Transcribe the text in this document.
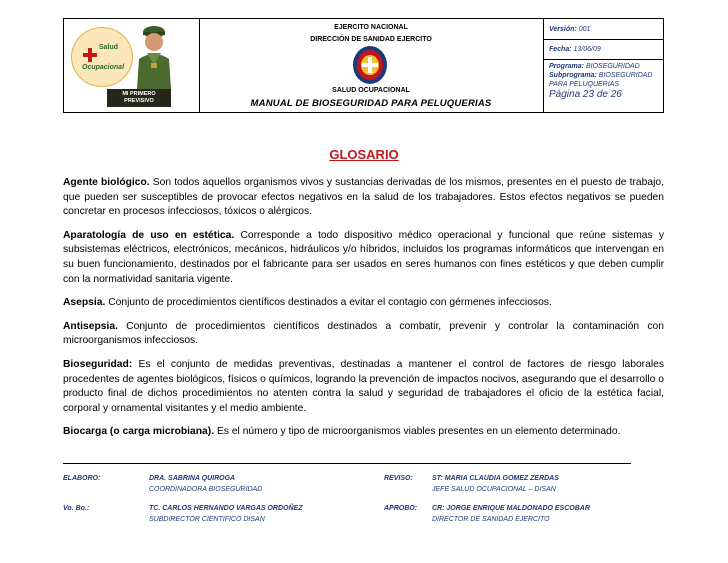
Salud
Ocupacional
MI PRIMERO PREVISIVO
EJERCITO NACIONAL
DIRECCIÓN DE SANIDAD EJERCITO
SALUD OCUPACIONAL
MANUAL DE BIOSEGURIDAD PARA PELUQUERIAS
Versión: 001
Fecha: 13/06/09
Programa: BIOSEGURIDAD
Subprograma: BIOSEGURIDAD PARA PELUQUERIAS
Página 23 de 26
GLOSARIO

Agente biológico. Son todos aquellos organismos vivos y sustancias derivadas de los mismos, presentes en el puesto de trabajo, que pueden ser susceptibles de provocar efectos negativos en la salud de los trabajadores. Estos efectos negativos se pueden concretar en procesos infecciosos, tóxicos o alérgicos.

Aparatología de uso en estética. Corresponde a todo dispositivo médico operacional y funcional que reúne sistemas y subsistemas eléctricos, electrónicos, mecánicos, hidráulicos y/o híbridos, incluidos los programas informáticos que intervengan en su buen funcionamiento, destinados por el fabricante para ser usados en seres humanos con fines estéticos y que deben cumplir con la normatividad sanitaria vigente.

Asepsia. Conjunto de procedimientos científicos destinados a evitar el contagio con gérmenes infecciosos.

Antisepsia. Conjunto de procedimientos científicos destinados a combatir, prevenir y controlar la contaminación con microorganismos infecciosos.

Bioseguridad: Es el conjunto de medidas preventivas, destinadas a mantener el control de factores de riesgo laborales procedentes de agentes biológicos, físicos o químicos, logrando la prevención de impactos nocivos, asegurando que el desarrollo o producto final de dichos procedimientos no atenten contra la salud y seguridad de trabajadores el oficio de la estética facial, corporal y ornamental visitantes y el medio ambiente.

Biocarga (o carga microbiana). Es el número y tipo de microorganismos viables presentes en un elemento determinado.

ELABORO:	DRA. SABRINA QUIROGA
COORDINADORA BIOSEGURIDAD
REVISO:	ST: MARIA CLAUDIA GOMEZ ZERDAS
JEFE SALUD OCUPACIONAL – DISAN
Vo. Bo.:	TC. CARLOS HERNANDO VARGAS ORDOÑEZ
SUBDIRECTOR CIENTIFICO DISAN
APROBO: CR: JORGE ENRIQUE MALDONADO ESCOBAR
DIRECTOR DE SANIDAD EJERCITO
